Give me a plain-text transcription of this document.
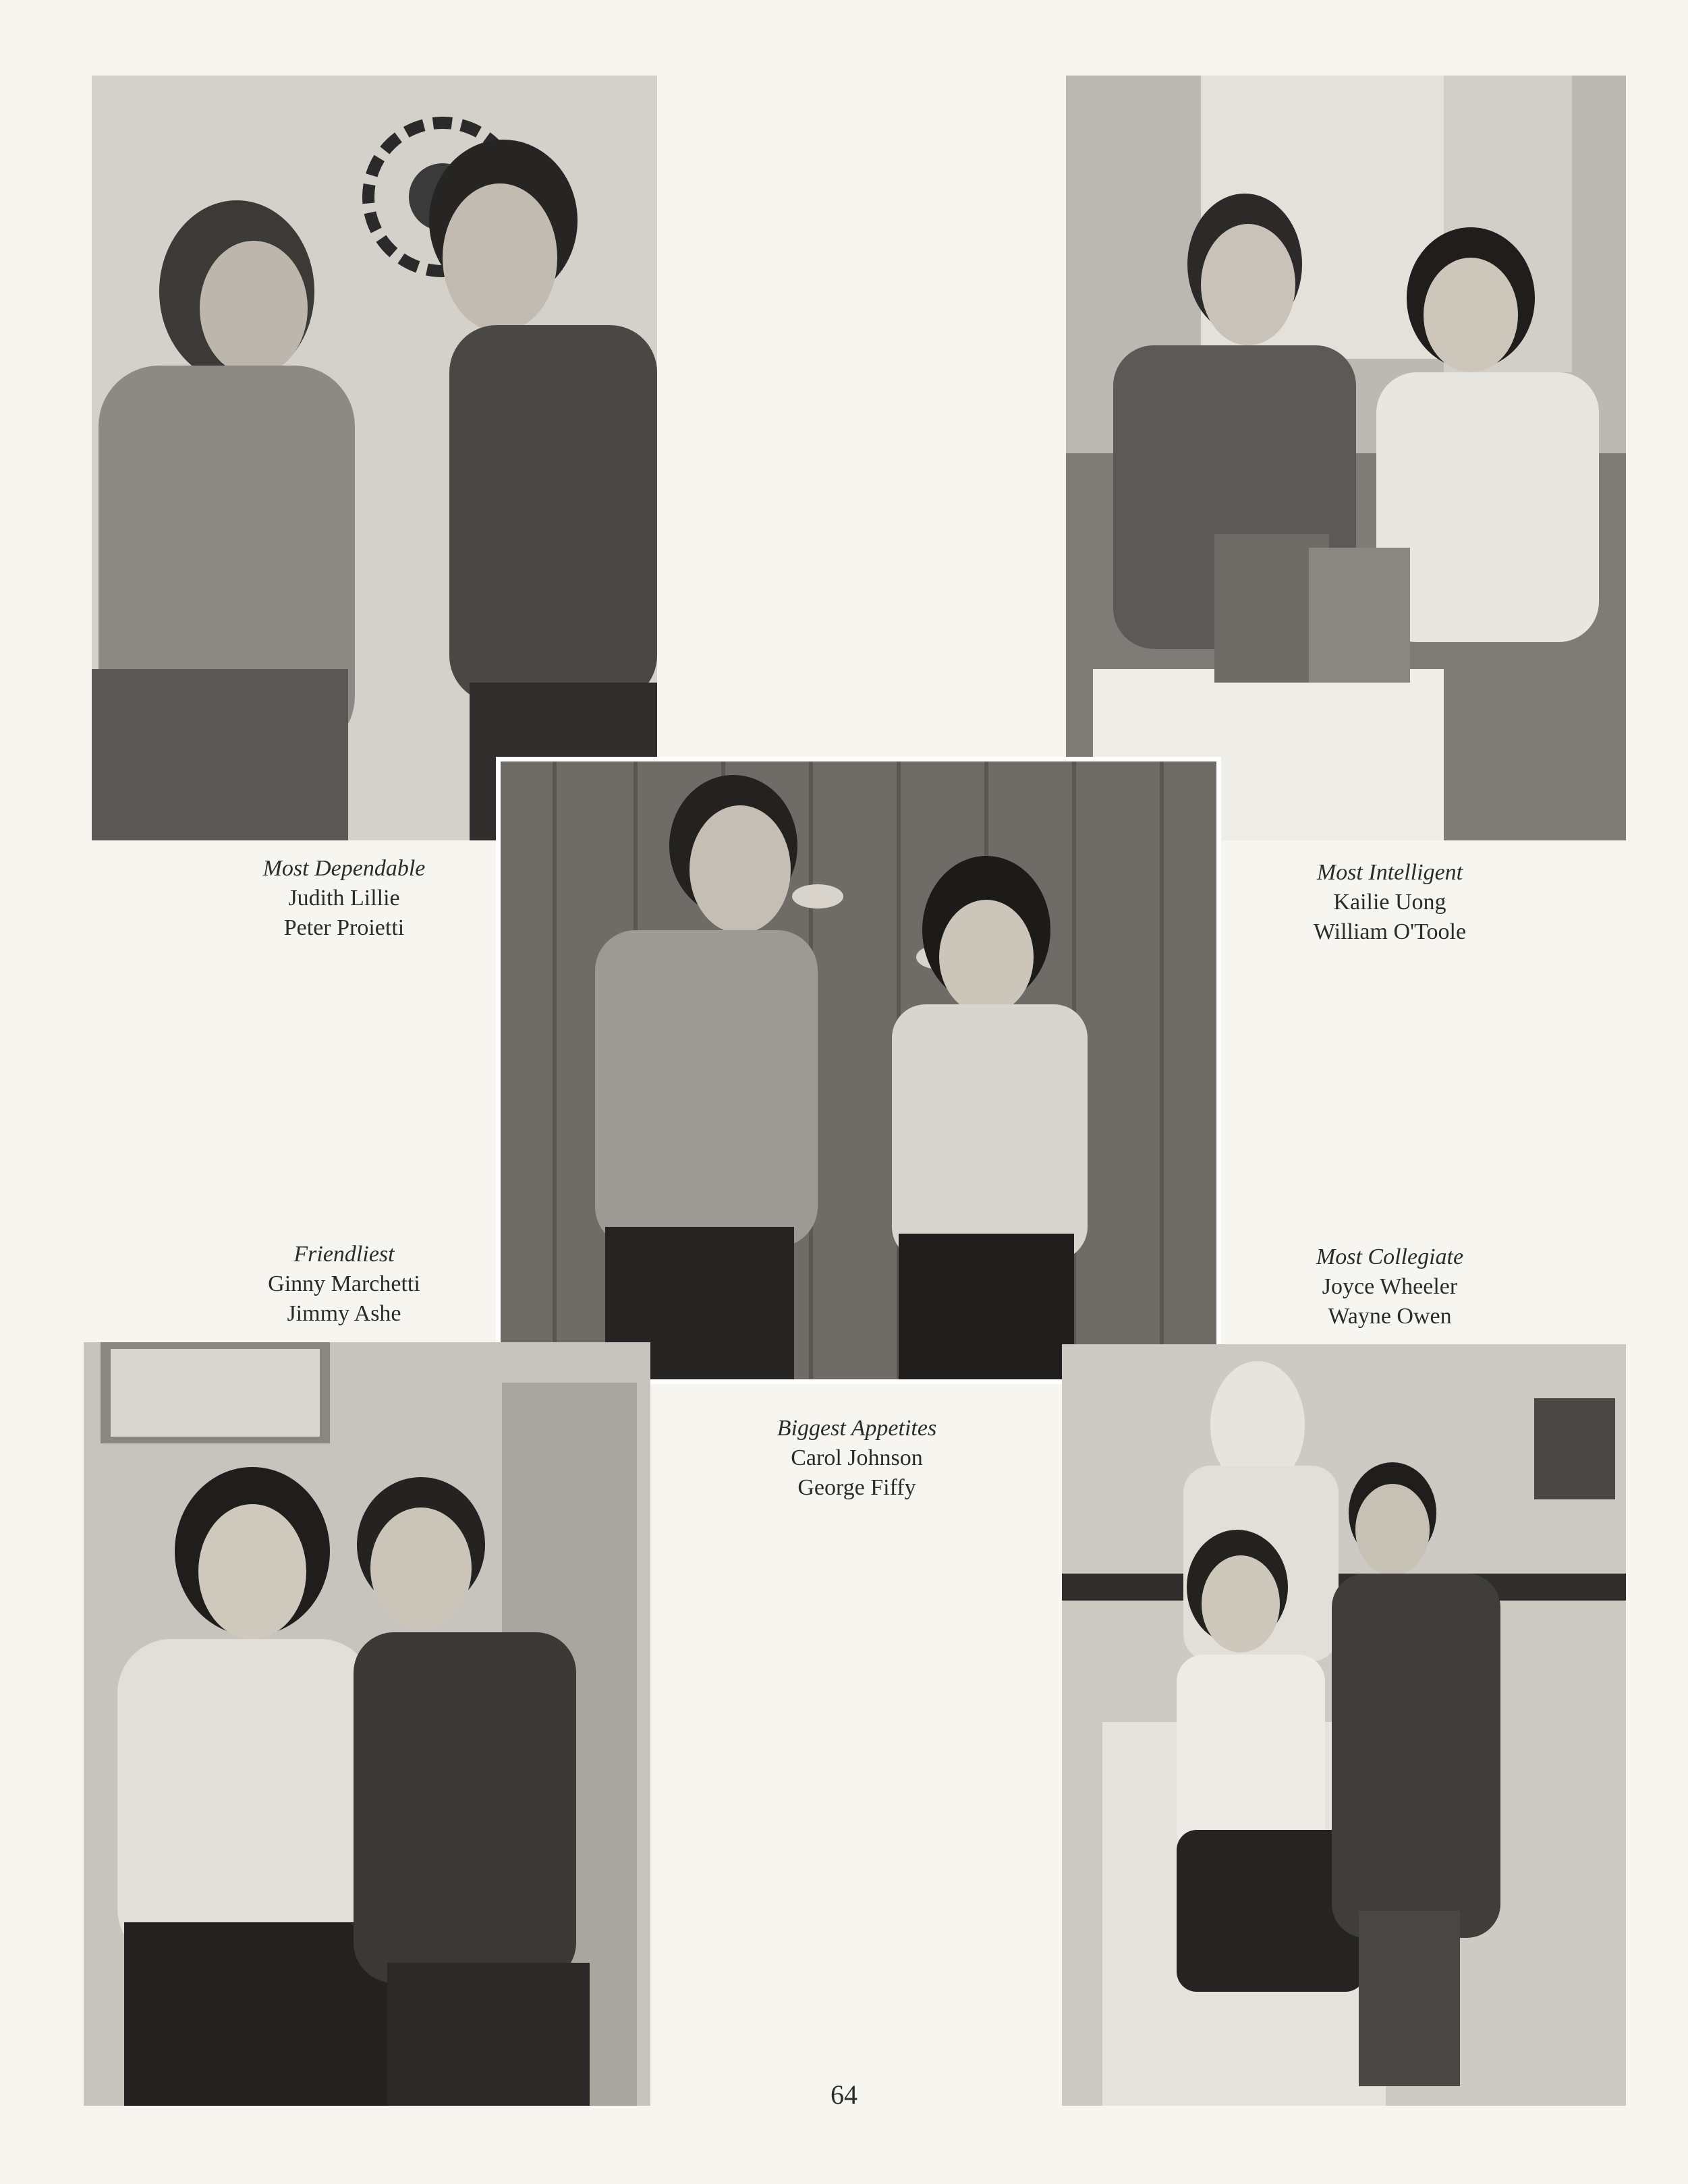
Most Dependable
Judith Lillie
Peter Proietti
Most Intelligent
Kailie Uong
William O'Toole
Friendliest
Ginny Marchetti
Jimmy Ashe
Most Collegiate
Joyce Wheeler
Wayne Owen
Biggest Appetites
Carol Johnson
George Fiffy
64
